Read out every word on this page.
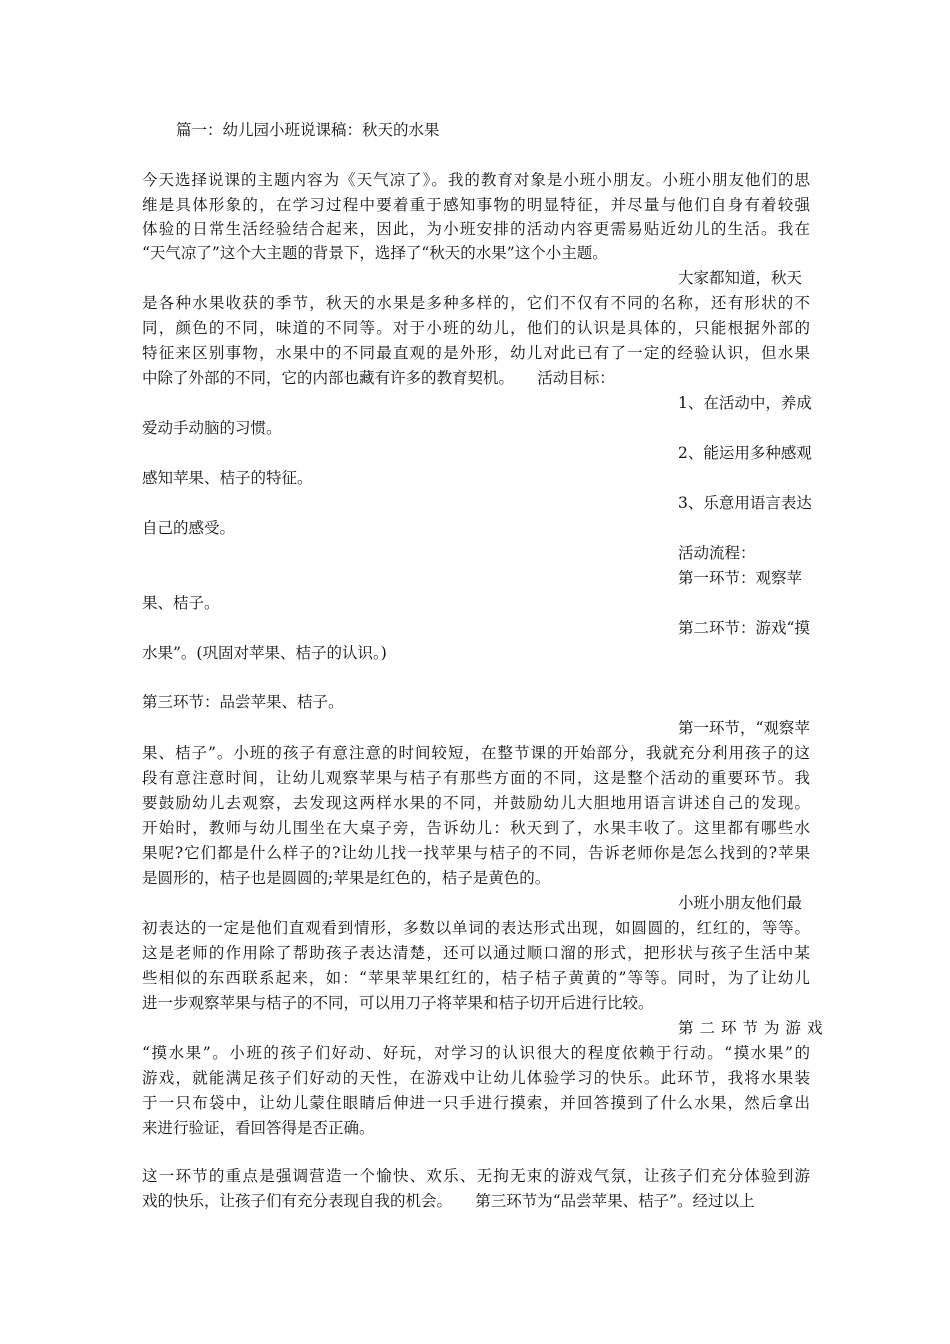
篇一：幼儿园小班说课稿：秋天的水果
今天选择说课的主题内容为《天气凉了》。我的教育对象是小班小朋友。小班小朋友他们的思
维是具体形象的，在学习过程中要着重于感知事物的明显特征，并尽量与他们自身有着较强
体验的日常生活经验结合起来，因此，为小班安排的活动内容更需易贴近幼儿的生活。我在
“天气凉了”这个大主题的背景下，选择了“秋天的水果”这个小主题。
大家都知道，秋天
是各种水果收获的季节，秋天的水果是多种多样的，它们不仅有不同的名称，还有形状的不
同，颜色的不同，味道的不同等。对于小班的幼儿，他们的认识是具体的，只能根据外部的
特征来区别事物，水果中的不同最直观的是外形，幼儿对此已有了一定的经验认识，但水果
中除了外部的不同，它的内部也藏有许多的教育契机。　　活动目标：
1、在活动中，养成
爱动手动脑的习惯。
2、能运用多种感观
感知苹果、桔子的特征。
3、乐意用语言表达
自己的感受。
活动流程：
第一环节：观察苹
果、桔子。
第二环节：游戏“摸
水果”。(巩固对苹果、桔子的认识。)
第三环节：品尝苹果、桔子。
第一环节，“观察苹
果、桔子”。小班的孩子有意注意的时间较短，在整节课的开始部分，我就充分利用孩子的这
段有意注意时间，让幼儿观察苹果与桔子有那些方面的不同，这是整个活动的重要环节。我
要鼓励幼儿去观察，去发现这两样水果的不同，并鼓励幼儿大胆地用语言讲述自己的发现。
开始时，教师与幼儿围坐在大桌子旁，告诉幼儿：秋天到了，水果丰收了。这里都有哪些水
果呢?它们都是什么样子的?让幼儿找一找苹果与桔子的不同，告诉老师你是怎么找到的?苹果
是圆形的，桔子也是圆圆的;苹果是红色的，桔子是黄色的。
小班小朋友他们最
初表达的一定是他们直观看到情形，多数以单词的表达形式出现，如圆圆的，红红的，等等。
这是老师的作用除了帮助孩子表达清楚，还可以通过顺口溜的形式，把形状与孩子生活中某
些相似的东西联系起来，如：“苹果苹果红红的，桔子桔子黄黄的”等等。同时，为了让幼儿
进一步观察苹果与桔子的不同，可以用刀子将苹果和桔子切开后进行比较。
第二环节为游戏
“摸水果”。小班的孩子们好动、好玩，对学习的认识很大的程度依赖于行动。“摸水果”的
游戏，就能满足孩子们好动的天性，在游戏中让幼儿体验学习的快乐。此环节，我将水果装
于一只布袋中，让幼儿蒙住眼睛后伸进一只手进行摸索，并回答摸到了什么水果，然后拿出
来进行验证，看回答得是否正确。
这一环节的重点是强调营造一个愉快、欢乐、无拘无束的游戏气氛，让孩子们充分体验到游
戏的快乐，让孩子们有充分表现自我的机会。　　第三环节为“品尝苹果、桔子”。经过以上
